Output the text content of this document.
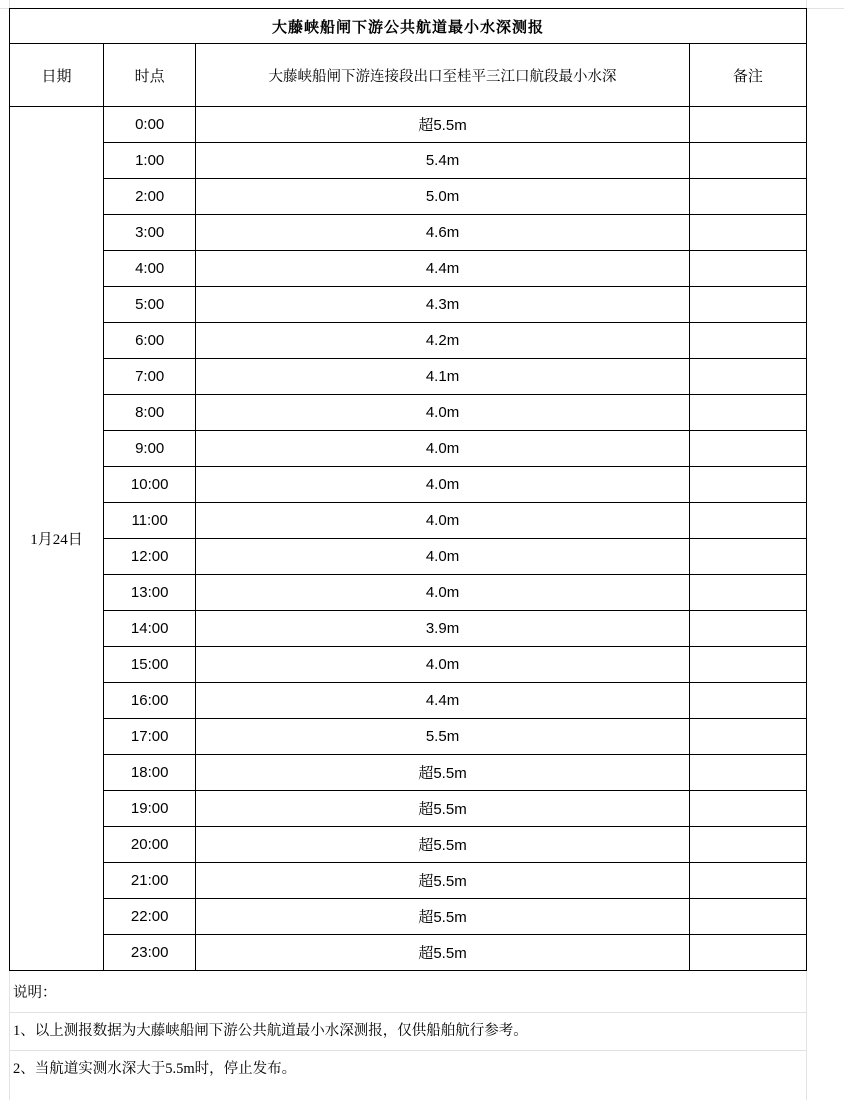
大藤峡船闸下游公共航道最小水深测报			
日期	时点	大藤峡船闸下游连接段出口至桂平三江口航段最小水深	备注
1月24日	0:00	超5.5m	
	1:00	5.4m	
	2:00	5.0m	
	3:00	4.6m	
	4:00	4.4m	
	5:00	4.3m	
	6:00	4.2m	
	7:00	4.1m	
	8:00	4.0m	
	9:00	4.0m	
	10:00	4.0m	
	11:00	4.0m	
	12:00	4.0m	
	13:00	4.0m	
	14:00	3.9m	
	15:00	4.0m	
	16:00	4.4m	
	17:00	5.5m	
	18:00	超5.5m	
	19:00	超5.5m	
	20:00	超5.5m	
	21:00	超5.5m	
	22:00	超5.5m	
	23:00	超5.5m	
说明：
1、以上测报数据为大藤峡船闸下游公共航道最小水深测报，仅供船舶航行参考。
2、当航道实测水深大于5.5m时，停止发布。
